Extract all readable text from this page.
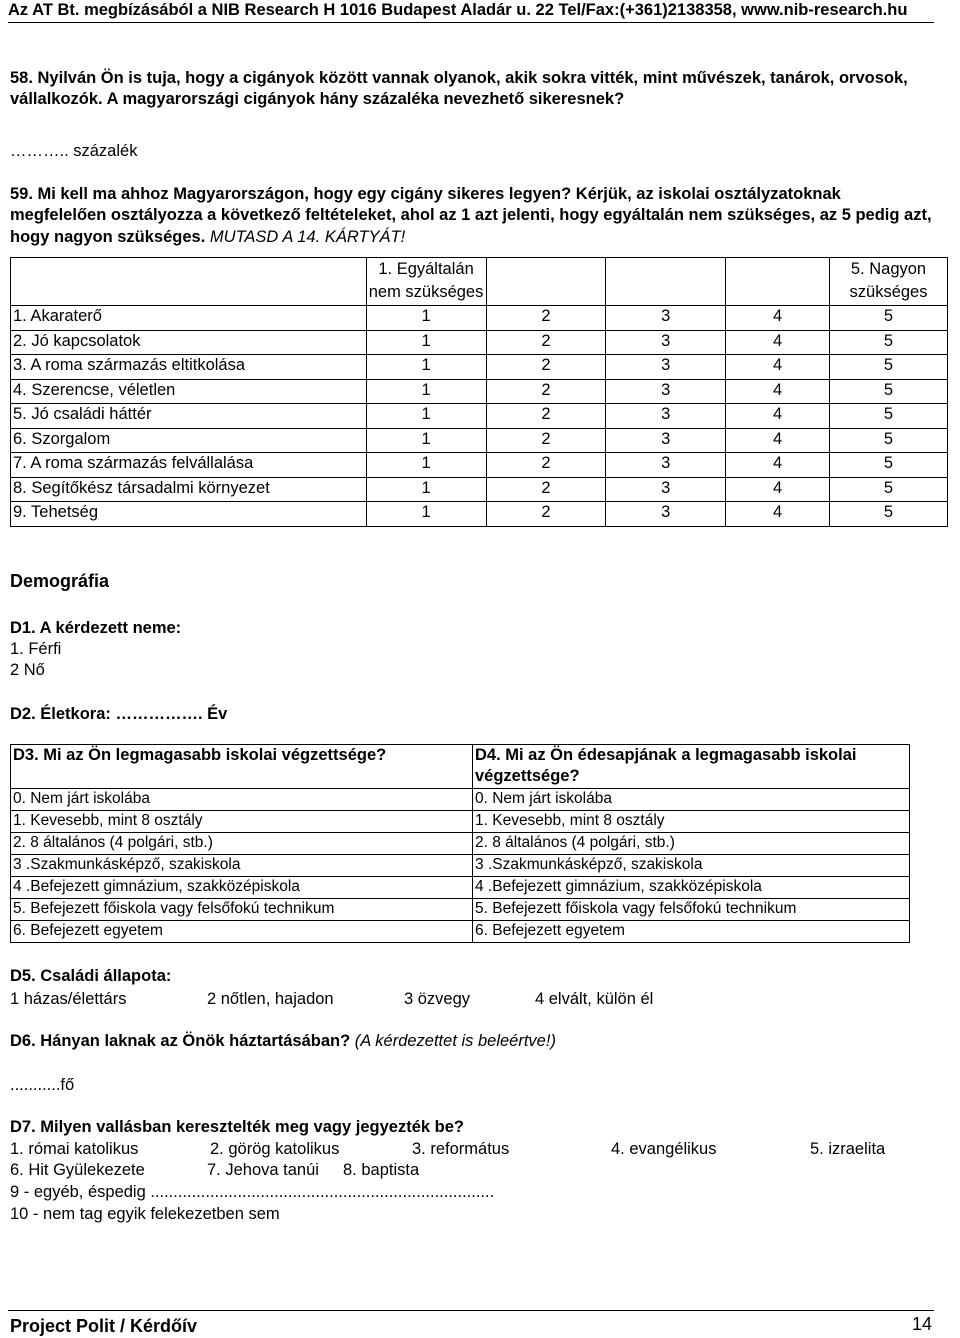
Az AT Bt. megbízásából a NIB Research H 1016 Budapest Aladár u. 22 Tel/Fax:(+361)2138358, www.nib-research.hu
58. Nyilván Ön is tuja, hogy a cigányok között vannak olyanok, akik sokra vitték, mint művészek, tanárok, orvosok, vállalkozók. A magyarországi cigányok hány százaléka nevezhető sikeresnek?
……….. százalék
59. Mi kell ma ahhoz Magyarországon, hogy egy cigány sikeres legyen? Kérjük, az iskolai osztályzatoknak megfelelően osztályozza a következő feltételeket, ahol az 1 azt jelenti, hogy egyáltalán nem szükséges, az 5 pedig azt, hogy nagyon szükséges. MUTASD A 14. KÁRTYÁT!
	1. Egyáltalán nem szükséges				5. Nagyon szükséges
1. Akaraterő	1	2	3	4	5
2. Jó kapcsolatok	1	2	3	4	5
3. A roma származás eltitkolása	1	2	3	4	5
4. Szerencse, véletlen	1	2	3	4	5
5. Jó családi háttér	1	2	3	4	5
6. Szorgalom	1	2	3	4	5
7. A roma származás felvállalása	1	2	3	4	5
8. Segítőkész társadalmi környezet	1	2	3	4	5
9. Tehetség	1	2	3	4	5
Demográfia
D1. A kérdezett neme:
1. Férfi
2 Nő
D2. Életkora: ……………. Év
D3. Mi az Ön legmagasabb iskolai végzettsége?	D4. Mi az Ön édesapjának a legmagasabb iskolai végzettsége?
0. Nem járt iskolába	0. Nem járt iskolába
1. Kevesebb, mint 8 osztály	1. Kevesebb, mint 8 osztály
2. 8 általános (4 polgári, stb.)	2. 8 általános (4 polgári, stb.)
3 .Szakmunkásképző, szakiskola	3 .Szakmunkásképző, szakiskola
4 .Befejezett gimnázium, szakközépiskola	4 .Befejezett gimnázium, szakközépiskola
5. Befejezett főiskola vagy felsőfokú technikum	5. Befejezett főiskola vagy felsőfokú technikum
6. Befejezett egyetem	6. Befejezett egyetem
D5. Családi állapota:
1 házas/élettárs	2 nőtlen, hajadon	3 özvegy	4 elvált, külön él
D6. Hányan laknak az Önök háztartásában? (A kérdezettet is beleértve!)
...........fő
D7. Milyen vallásban keresztelték meg vagy jegyezték be?
1. római katolikus	2. görög katolikus	3. református	4. evangélikus	5. izraelita
6. Hit Gyülekezete	7. Jehova tanúi 8. baptista
9 - egyéb, éspedig ...........................................................................
10 - nem tag egyik felekezetben sem
Project Polit / Kérdőív	14
